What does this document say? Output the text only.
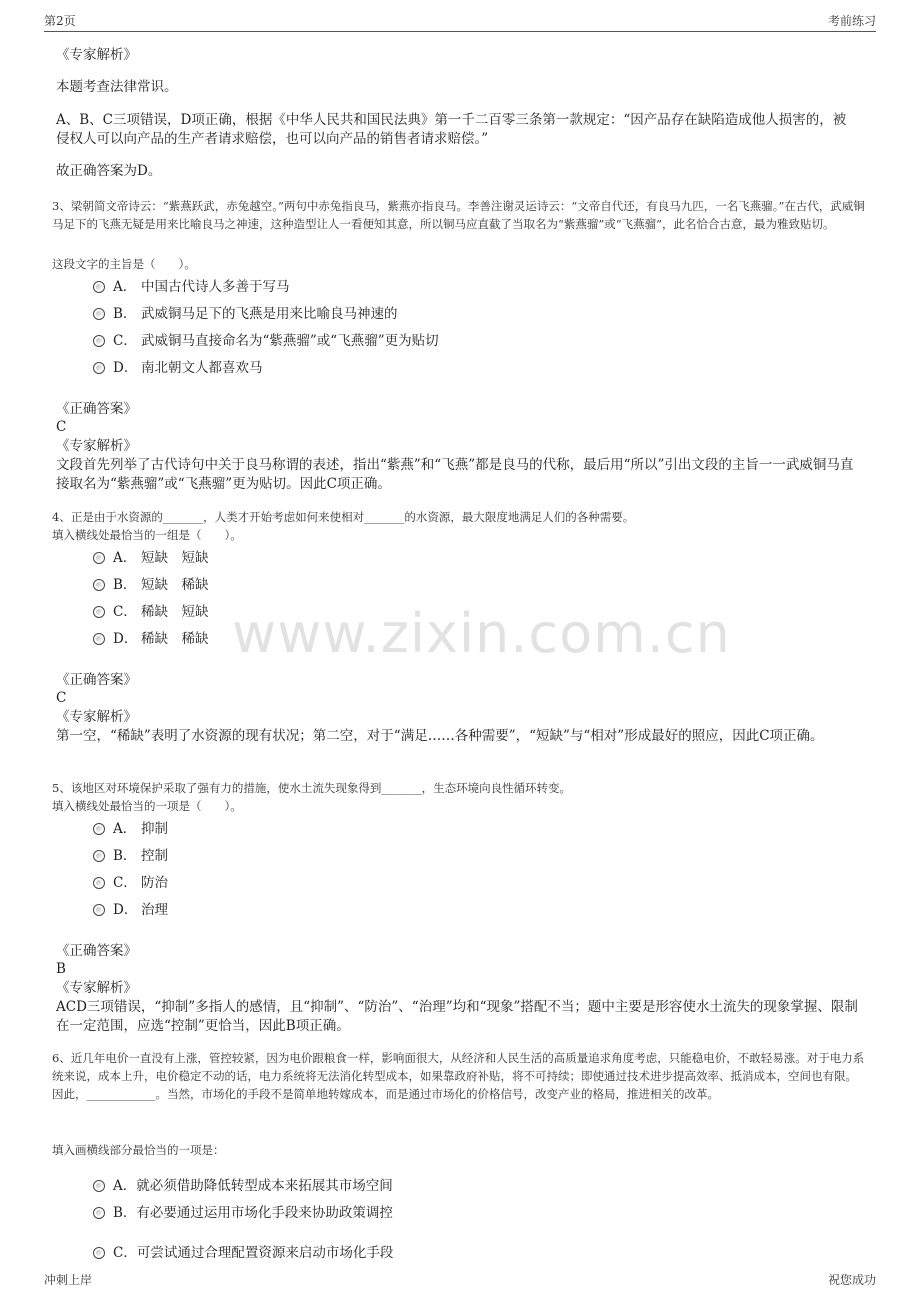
第2页	考前练习
《专家解析》
本题考查法律常识。
A、B、C三项错误，D项正确，根据《中华人民共和国民法典》第一千二百零三条第一款规定：“因产品存在缺陷造成他人损害的，被侵权人可以向产品的生产者请求赔偿，也可以向产品的销售者请求赔偿。”
故正确答案为D。
3、梁朝简文帝诗云：“紫燕跃武，赤兔越空。”两句中赤兔指良马，紫燕亦指良马。李善注谢灵运诗云：“文帝自代还，有良马九匹，一名飞燕骝。”在古代，武威铜马足下的飞燕无疑是用来比喻良马之神速，这种造型让人一看便知其意，所以铜马应直截了当取名为“紫燕骝”或“飞燕骝”，此名恰合古意，最为雅致贴切。
这段文字的主旨是（　　）。
A． 中国古代诗人多善于写马
B． 武威铜马足下的飞燕是用来比喻良马神速的
C． 武威铜马直接命名为“紫燕骝”或“飞燕骝”更为贴切
D． 南北朝文人都喜欢马
《正确答案》
C
《专家解析》
文段首先列举了古代诗句中关于良马称谓的表述，指出“紫燕”和“飞燕”都是良马的代称，最后用“所以”引出文段的主旨一一武威铜马直接取名为“紫燕骝”或“飞燕骝”更为贴切。因此C项正确。
4、正是由于水资源的_______，人类才开始考虑如何来使相对_______的水资源，最大限度地满足人们的各种需要。
填入横线处最恰当的一组是（　　）。
A． 短缺　短缺
B． 短缺　稀缺
C． 稀缺　短缺
D． 稀缺　稀缺
《正确答案》
C
《专家解析》
第一空，“稀缺”表明了水资源的现有状况；第二空，对于“满足……各种需要”，“短缺”与“相对”形成最好的照应，因此C项正确。
www.zixin.com.cn
5、该地区对环境保护采取了强有力的措施，使水土流失现象得到_______，生态环境向良性循环转变。
填入横线处最恰当的一项是（　　）。
A． 抑制
B． 控制
C． 防治
D． 治理
《正确答案》
B
《专家解析》
ACD三项错误，“抑制”多指人的感情，且“抑制”、“防治”、“治理”均和“现象”搭配不当；题中主要是形容使水土流失的现象掌握、限制在一定范围，应选“控制”更恰当，因此B项正确。
6、近几年电价一直没有上涨，管控较紧，因为电价跟粮食一样，影响面很大，从经济和人民生活的高质量追求角度考虑，只能稳电价，不敢轻易涨。对于电力系统来说，成本上升，电价稳定不动的话，电力系统将无法消化转型成本，如果靠政府补贴，将不可持续；即使通过技术进步提高效率、抵消成本，空间也有限。因此，____________。当然，市场化的手段不是简单地转嫁成本，而是通过市场化的价格信号，改变产业的格局，推进相关的改革。
填入画横线部分最恰当的一项是：
A．就必须借助降低转型成本来拓展其市场空间
B．有必要通过运用市场化手段来协助政策调控
C．可尝试通过合理配置资源来启动市场化手段
冲刺上岸	祝您成功
